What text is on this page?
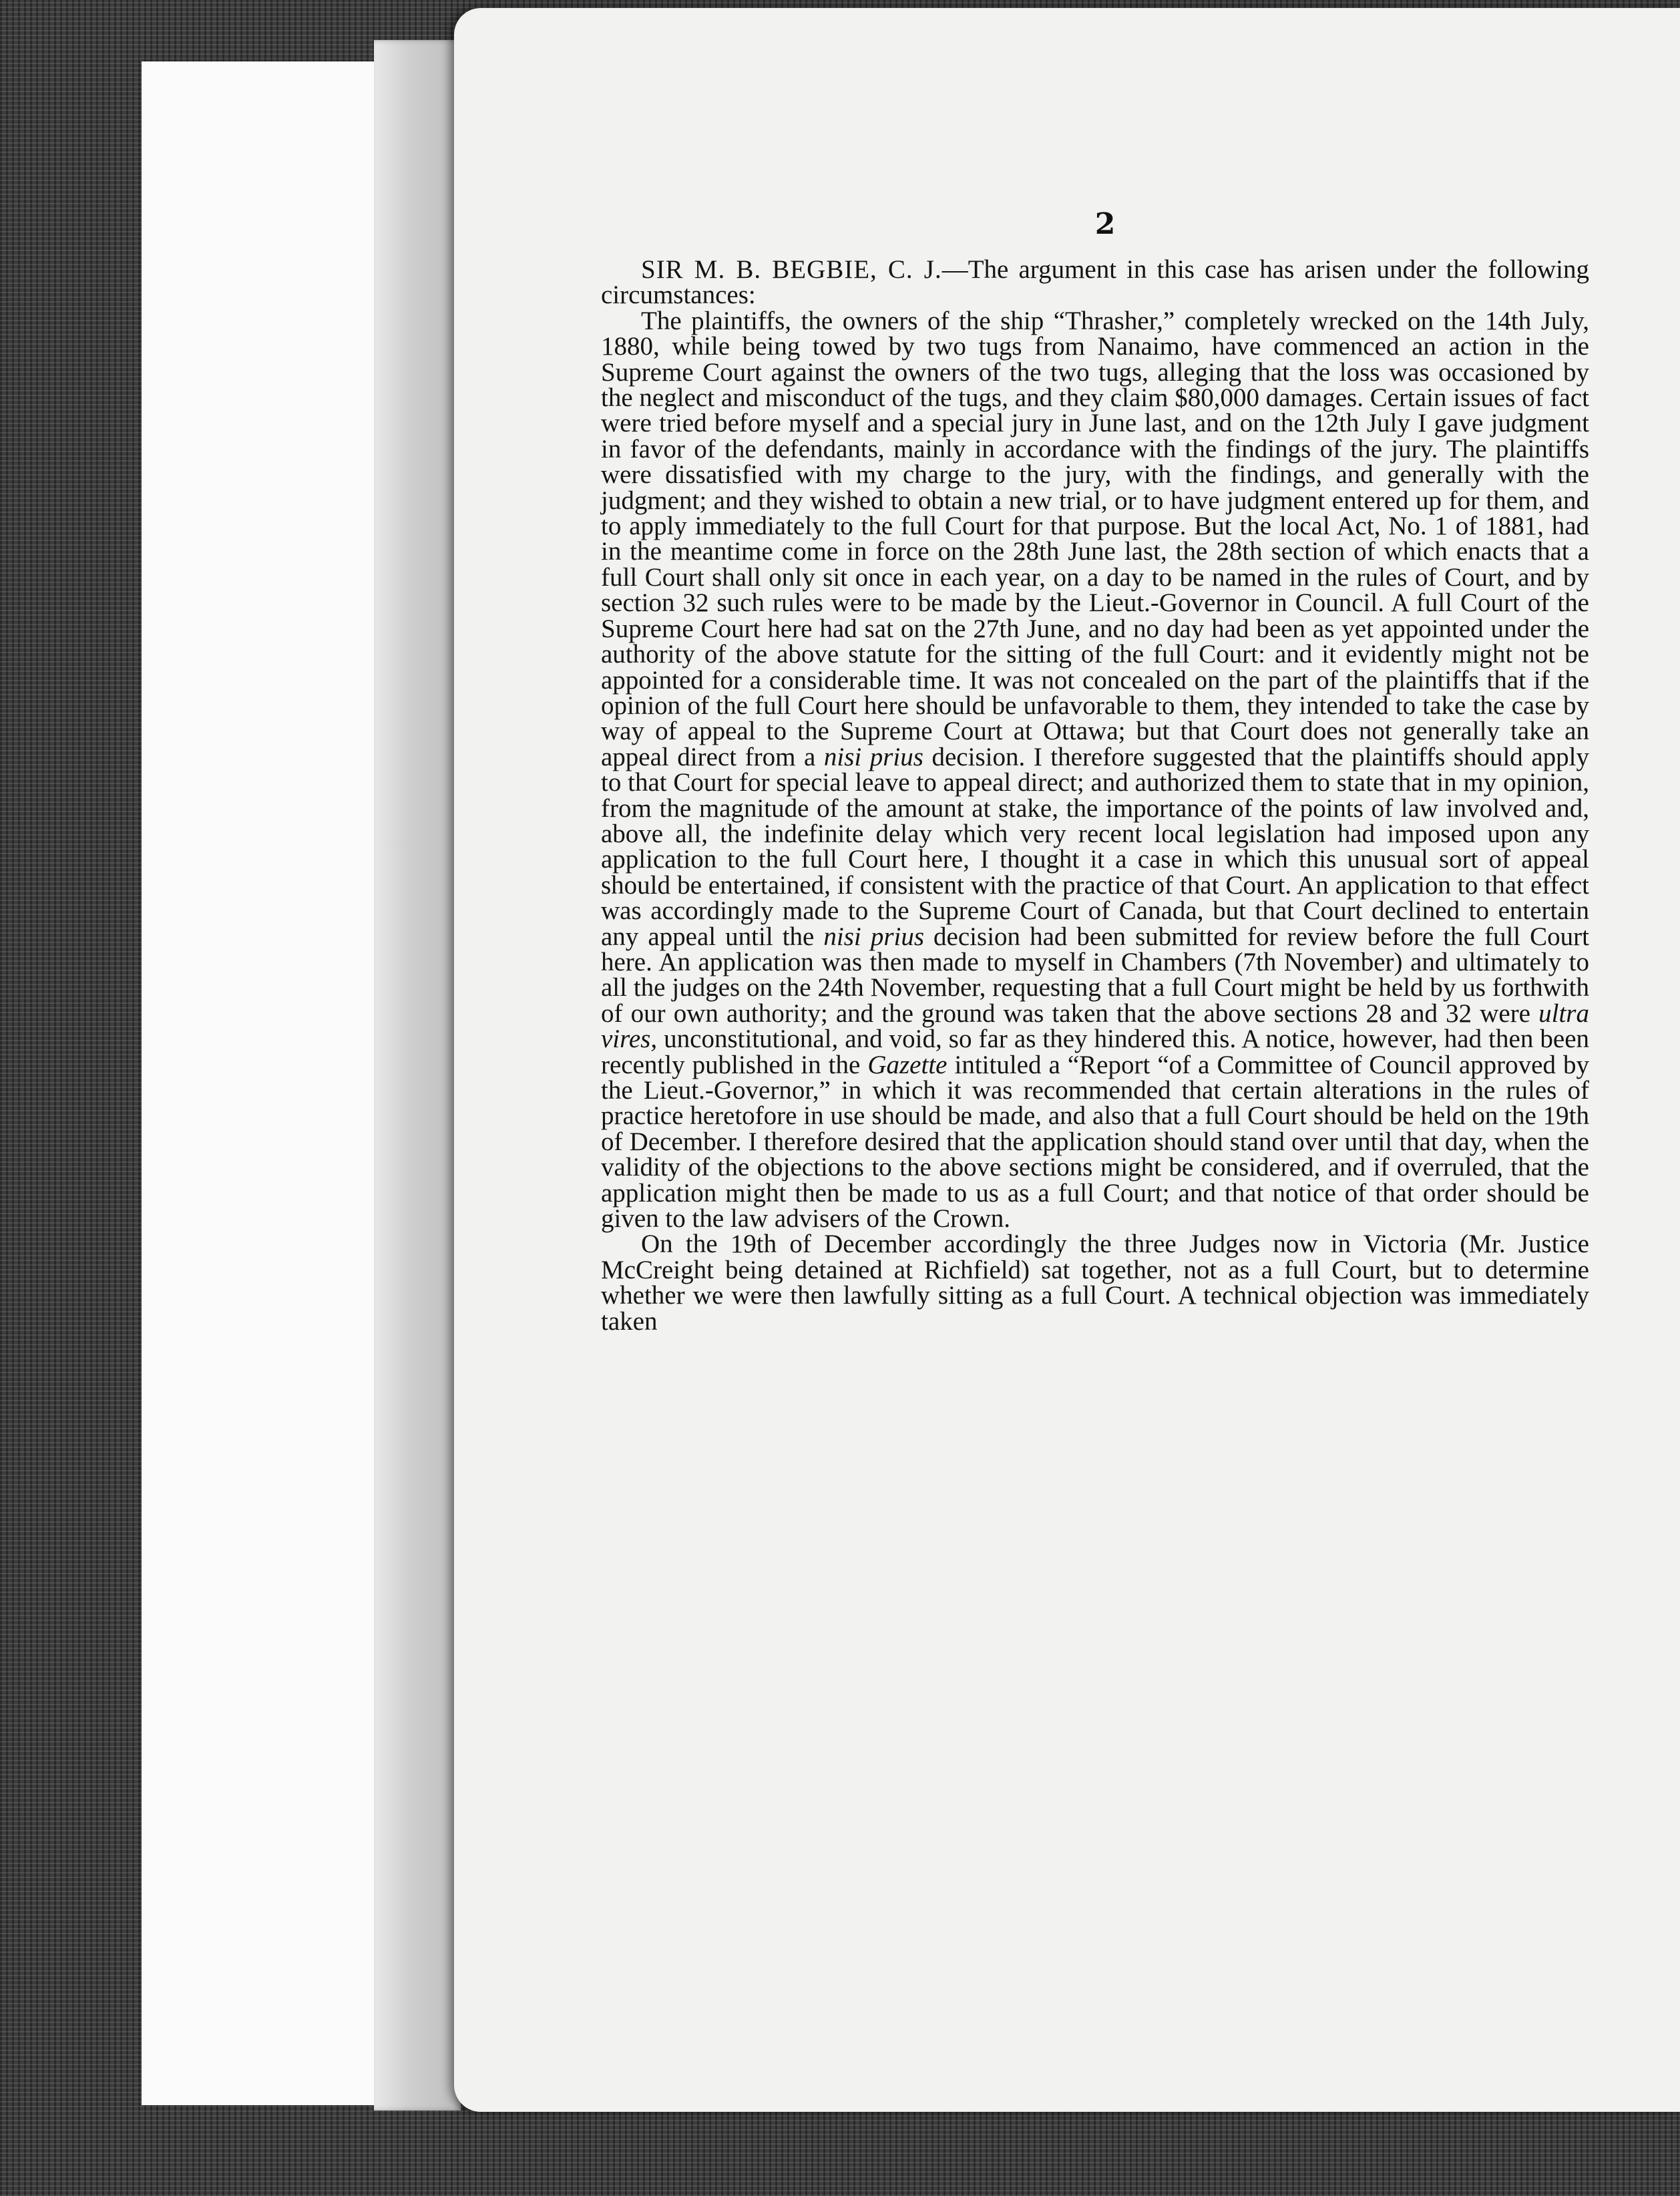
2

SIR M. B. BEGBIE, C. J.—The argument in this case has arisen under the following circumstances:

The plaintiffs, the owners of the ship “Thrasher,” completely wrecked on the 14th July, 1880, while being towed by two tugs from Nanaimo, have commenced an action in the Supreme Court against the owners of the two tugs, alleging that the loss was occasioned by the neglect and misconduct of the tugs, and they claim $80,000 damages. Certain issues of fact were tried before myself and a special jury in June last, and on the 12th July I gave judgment in favor of the defendants, mainly in accordance with the findings of the jury. The plaintiffs were dissatisfied with my charge to the jury, with the findings, and generally with the judgment; and they wished to obtain a new trial, or to have judgment entered up for them, and to apply immediately to the full Court for that purpose. But the local Act, No. 1 of 1881, had in the meantime come in force on the 28th June last, the 28th section of which enacts that a full Court shall only sit once in each year, on a day to be named in the rules of Court, and by section 32 such rules were to be made by the Lieut.-Governor in Council. A full Court of the Supreme Court here had sat on the 27th June, and no day had been as yet appointed under the authority of the above statute for the sitting of the full Court: and it evidently might not be appointed for a considerable time. It was not concealed on the part of the plaintiffs that if the opinion of the full Court here should be unfavorable to them, they intended to take the case by way of appeal to the Supreme Court at Ottawa; but that Court does not generally take an appeal direct from a nisi prius decision. I therefore suggested that the plaintiffs should apply to that Court for special leave to appeal direct; and authorized them to state that in my opinion, from the magnitude of the amount at stake, the importance of the points of law involved and, above all, the indefinite delay which very recent local legislation had imposed upon any application to the full Court here, I thought it a case in which this unusual sort of appeal should be entertained, if consistent with the practice of that Court. An application to that effect was accordingly made to the Supreme Court of Canada, but that Court declined to entertain any appeal until the nisi prius decision had been submitted for review before the full Court here. An application was then made to myself in Chambers (7th November) and ultimately to all the judges on the 24th November, requesting that a full Court might be held by us forthwith of our own authority; and the ground was taken that the above sections 28 and 32 were ultra vires, unconstitutional, and void, so far as they hindered this. A notice, however, had then been recently published in the Gazette intituled a “Report “of a Committee of Council approved by the Lieut.-Governor,” in which it was recommended that certain alterations in the rules of practice heretofore in use should be made, and also that a full Court should be held on the 19th of December. I therefore desired that the application should stand over until that day, when the validity of the objections to the above sections might be considered, and if overruled, that the application might then be made to us as a full Court; and that notice of that order should be given to the law advisers of the Crown.

On the 19th of December accordingly the three Judges now in Victoria (Mr. Justice McCreight being detained at Richfield) sat together, not as a full Court, but to determine whether we were then lawfully sitting as a full Court. A technical objection was immediately taken
